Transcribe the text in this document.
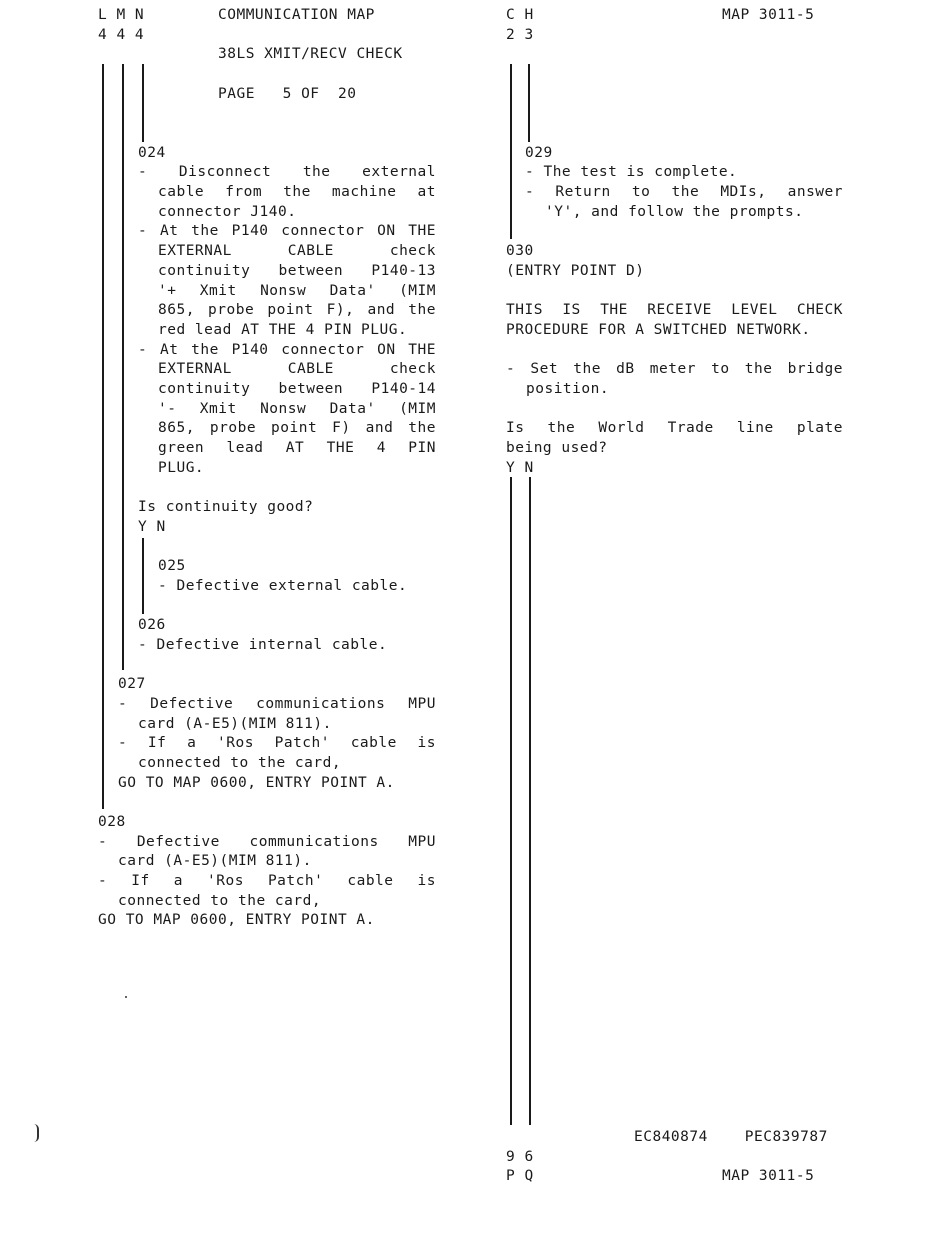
L M N
4 4 4
COMMUNICATION MAP
38LS XMIT/RECV CHECK
PAGE   5 OF  20
C H
2 3
MAP 3011-5
024
- Disconnect the external
cable from the machine at
connector J140.
- At the P140 connector ON THE
EXTERNAL CABLE check
continuity between P140-13
'+ Xmit Nonsw Data' (MIM
865, probe point F), and the
red lead AT THE 4 PIN PLUG.
- At the P140 connector ON THE
EXTERNAL CABLE check
continuity between P140-14
'- Xmit Nonsw Data' (MIM
865, probe point F) and the
green lead AT THE 4 PIN
PLUG.
Is continuity good?
Y N
025
- Defective external cable.
026
- Defective internal cable.
027
- Defective communications MPU
card (A-E5)(MIM 811).
- If a 'Ros Patch' cable is
connected to the card,
GO TO MAP 0600, ENTRY POINT A.
028
- Defective communications MPU
card (A-E5)(MIM 811).
- If a 'Ros Patch' cable is
connected to the card,
GO TO MAP 0600, ENTRY POINT A.
029
- The test is complete.
- Return to the MDIs, answer
'Y', and follow the prompts.
030
(ENTRY POINT D)
THIS IS THE RECEIVE LEVEL CHECK
PROCEDURE FOR A SWITCHED NETWORK.
- Set the dB meter to the bridge
position.
Is the World Trade line plate
being used?
Y N
EC840874    PEC839787
9 6
P Q	MAP 3011-5
